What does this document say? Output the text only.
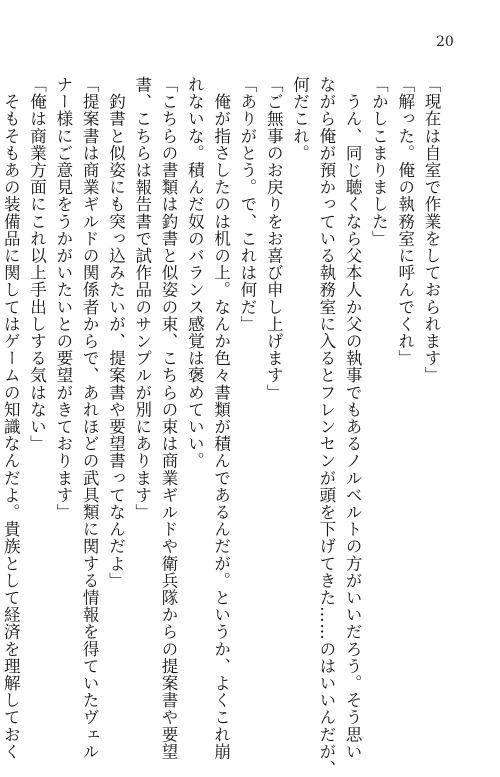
20
「現在は自室で作業をしておられます」
「解った。俺の執務室に呼んでくれ」
「かしこまりました」
　うん、同じ聴くなら父本人か父の執事でもあるノルベルトの方がいいだろう。そう思い
ながら俺が預かっている執務室に入るとフレンセンが頭を下げてきた……のはいいんだが、
何だこれ。
「ご無事のお戻りをお喜び申し上げます」
「ありがとう。で、これは何だ」
　俺が指さしたのは机の上。なんか色々書類が積んであるんだが。というか、よくこれ崩
れないな。積んだ奴のバランス感覚は褒めていい。
「こちらの書類は釣書と似姿の束、こちらの束は商業ギルドや衛兵隊からの提案書や要望
書、こちらは報告書で試作品のサンプルが別にあります」
　釣書と似姿にも突っ込みたいが、提案書や要望書ってなんだよ」
「提案書は商業ギルドの関係者からで、あれほどの武具類に関する情報を得ていたヴェル
ナー様にご意見をうかがいたいとの要望がきております」
「俺は商業方面にこれ以上手出しする気はない」
　そもそもあの装備品に関してはゲームの知識なんだよ。貴族として経済を理解しておく
